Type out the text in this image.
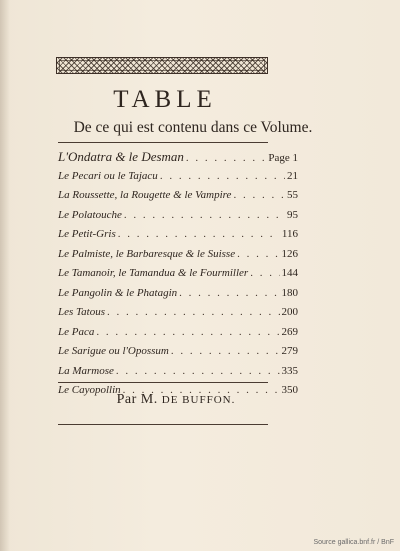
TABLE
De ce qui est contenu dans ce Volume.
L'Ondatra & le Desman . . .	Page 1
Le Pecari ou le Tajacu . . .	21
La Roussette, la Rougette & le Vampire . . .	55
Le Polatouche . . .	95
Le Petit-Gris . . .	116
Le Palmiste, le Barbaresque & le Suisse . . .	126
Le Tamanoir, le Tamandua & le Fourmiller . . .	144
Le Pangolin & le Phatagin . . .	180
Les Tatous . . .	200
Le Paca . . .	269
Le Sarigue ou l'Opossum . . .	279
La Marmose . . .	335
Le Cayopollin . . .	350
Par M. DE BUFFON.
Source gallica.bnf.fr / BnF
